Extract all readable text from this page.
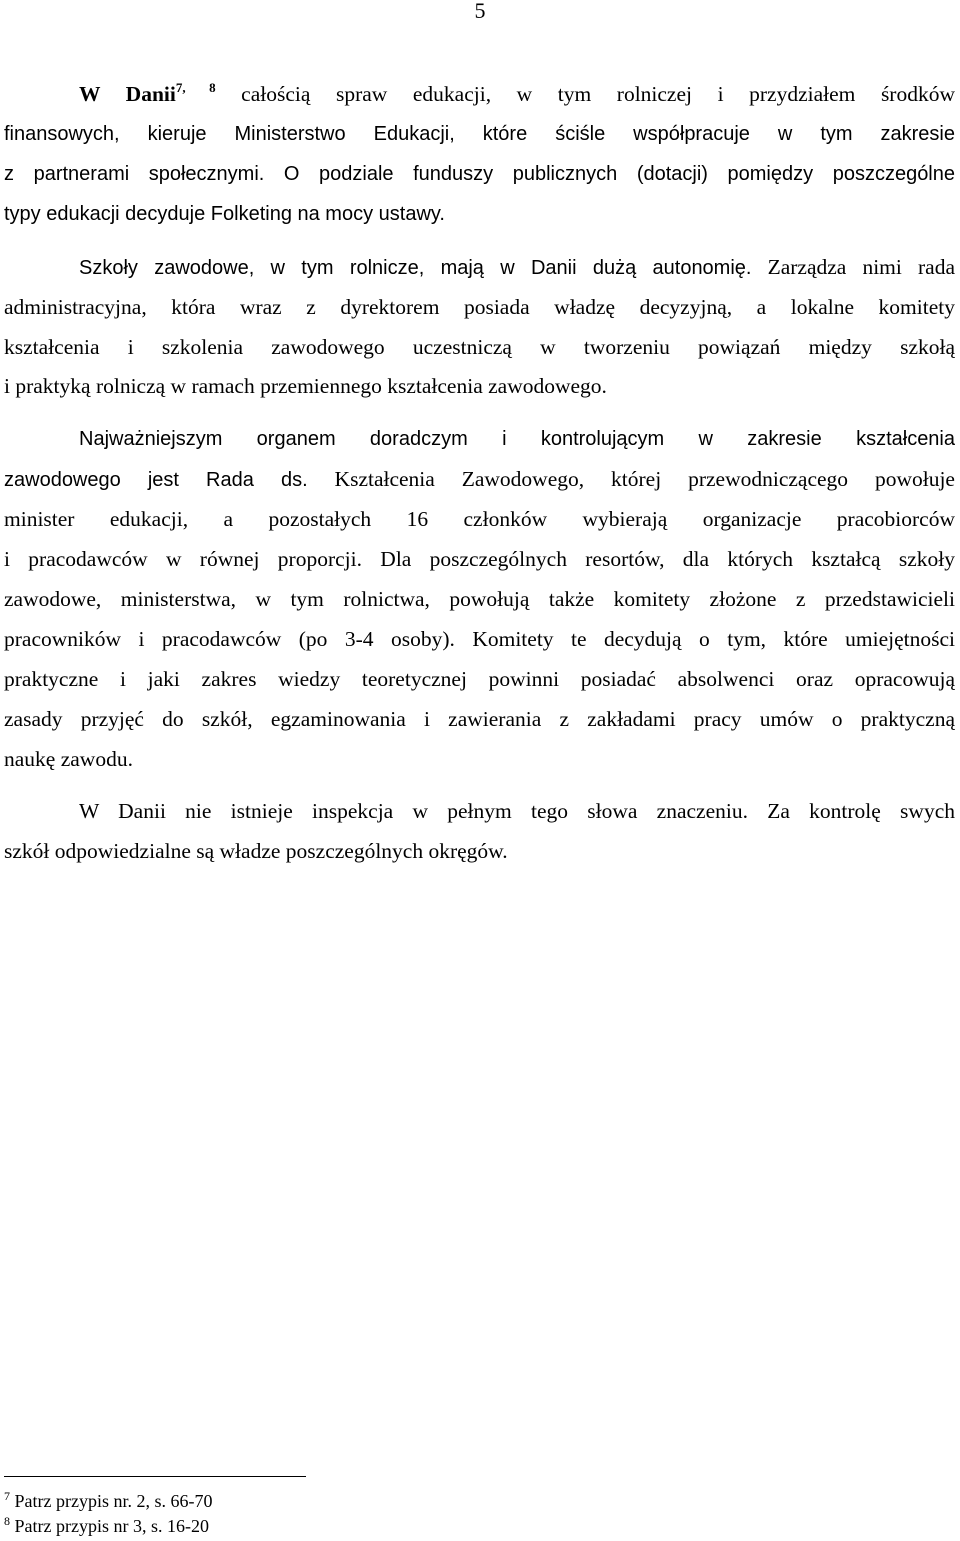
5
W Danii$^{7, 8}$ całością spraw edukacji, w tym rolniczej i przydziałem środków
finansowych, kieruje Ministerstwo Edukacji, które ściśle współpracuje w tym zakresie
z partnerami społecznymi. O podziale funduszy publicznych (dotacji) pomiędzy poszczególne
typy edukacji decyduje Folketing na mocy ustawy.
Szkoły zawodowe, w tym rolnicze, mają w Danii dużą autonomię. Zarządza nimi rada
administracyjna, która wraz z dyrektorem posiada władzę decyzyjną, a lokalne komitety
kształcenia i szkolenia zawodowego uczestniczą w tworzeniu powiązań między szkołą
i praktyką rolniczą w ramach przemiennego kształcenia zawodowego.
Najważniejszym organem doradczym i kontrolującym w zakresie kształcenia
zawodowego jest Rada ds. Kształcenia Zawodowego, której przewodniczącego powołuje
minister edukacji, a pozostałych 16 członków wybierają organizacje pracobiorców
i pracodawców w równej proporcji. Dla poszczególnych resortów, dla których kształcą szkoły
zawodowe, ministerstwa, w tym rolnictwa, powołują także komitety złożone z przedstawicieli
pracowników i pracodawców (po 3-4 osoby). Komitety te decydują o tym, które umiejętności
praktyczne i jaki zakres wiedzy teoretycznej powinni posiadać absolwenci oraz opracowują
zasady przyjęć do szkół, egzaminowania i zawierania z zakładami pracy umów o praktyczną
naukę zawodu.
W Danii nie istnieje inspekcja w pełnym tego słowa znaczeniu. Za kontrolę swych
szkół odpowiedzialne są władze poszczególnych okręgów.
$^7$ Patrz przypis nr. 2, s. 66-70
$^8$ Patrz przypis nr 3, s. 16-20
